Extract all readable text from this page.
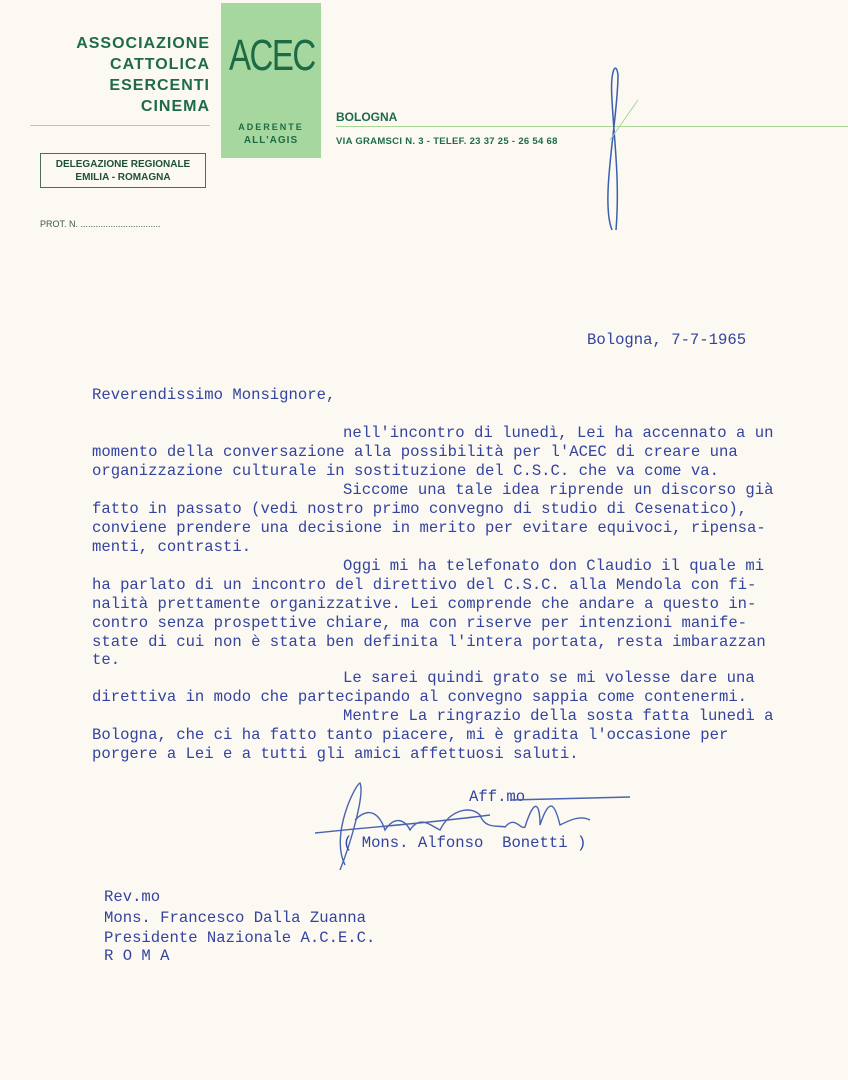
ASSOCIAZIONE
CATTOLICA
ESERCENTI
CINEMA
ACEC
ADERENTE
ALL'AGIS
BOLOGNA
VIA GRAMSCI N. 3 - TELEF. 23 37 25 - 26 54 68
DELEGAZIONE REGIONALE
EMILIA - ROMAGNA
PROT. N. ................................
Bologna, 7-7-1965
Reverendissimo Monsignore,
nell'incontro di lunedì, Lei ha accennato a un
momento della conversazione alla possibilità per l'ACEC di creare una
organizzazione culturale in sostituzione del C.S.C. che va come va.
Siccome una tale idea riprende un discorso già
fatto in passato (vedi nostro primo convegno di studio di Cesenatico),
conviene prendere una decisione in merito per evitare equivoci, ripensa-
menti, contrasti.
Oggi mi ha telefonato don Claudio il quale mi
ha parlato di un incontro del direttivo del C.S.C. alla Mendola con fi-
nalità prettamente organizzative. Lei comprende che andare a questo in-
contro senza prospettive chiare, ma con riserve per intenzioni manife-
state di cui non è stata ben definita l'intera portata, resta imbarazzan
te.
Le sarei quindi grato se mi volesse dare una
direttiva in modo che partecipando al convegno sappia come contenermi.
Mentre La ringrazio della sosta fatta lunedì a
Bologna, che ci ha fatto tanto piacere, mi è gradita l'occasione per
porgere a Lei e a tutti gli amici affettuosi saluti.
Aff.mo
( Mons. Alfonso  Bonetti )
Rev.mo
Mons. Francesco Dalla Zuanna
Presidente Nazionale A.C.E.C.
R O M A
